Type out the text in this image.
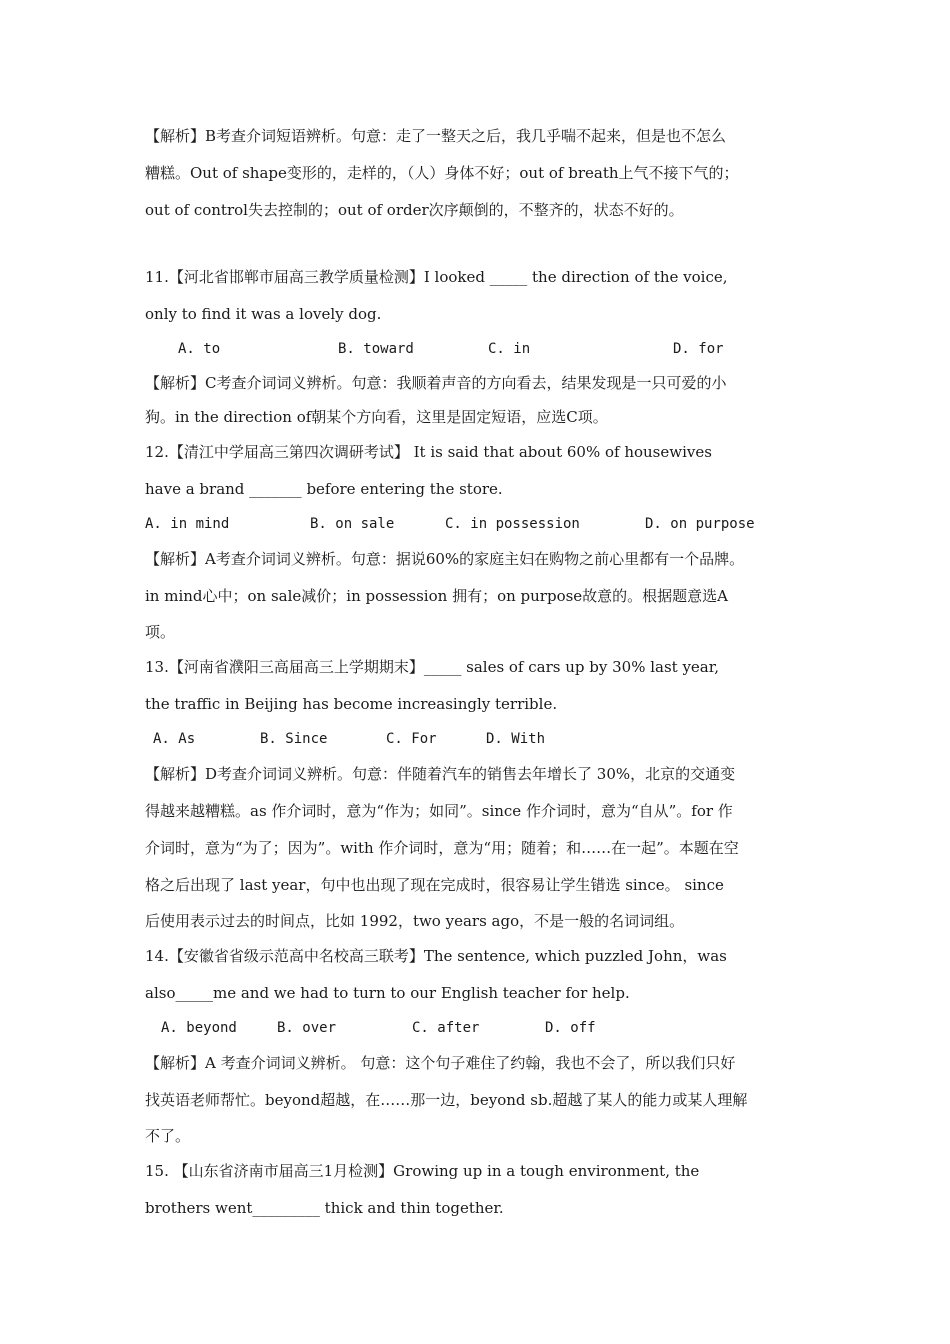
【解析】B考查介词短语辨析。句意：走了一整天之后，我几乎喘不起来，但是也不怎么
糟糕。Out of shape变形的，走样的，（人）身体不好；out of breath上气不接下气的；
out of control失去控制的；out of order次序颠倒的，不整齐的，状态不好的。
11.【河北省邯郸市届高三教学质量检测】I looked _____ the direction of the voice,
only to find it was a lovely dog.
A. to	B. toward	C. in	D. for
【解析】C考查介词词义辨析。句意：我顺着声音的方向看去，结果发现是一只可爱的小
狗。in the direction of朝某个方向看，这里是固定短语，应选C项。
12.【清江中学届高三第四次调研考试】 It is said that about 60% of housewives
have a brand _______ before entering the store.
A. in mind	B. on sale	C. in possession	D. on purpose
【解析】A考查介词词义辨析。句意：据说60%的家庭主妇在购物之前心里都有一个品牌。
in mind心中；on sale减价；in possession 拥有；on purpose故意的。根据题意选A
项。
13.【河南省濮阳三高届高三上学期期末】_____ sales of cars up by 30% last year,
the traffic in Beijing has become increasingly terrible.
A. As	B. Since	C. For	D. With
【解析】D考查介词词义辨析。句意：伴随着汽车的销售去年增长了 30%，北京的交通变
得越来越糟糕。as 作介词时，意为“作为；如同”。since 作介词时，意为“自从”。for 作
介词时，意为“为了；因为”。with 作介词时，意为“用；随着；和……在一起”。本题在空
格之后出现了 last year，句中也出现了现在完成时，很容易让学生错选 since。 since
后使用表示过去的时间点，比如 1992，two years ago，不是一般的名词词组。
14.【安徽省省级示范高中名校高三联考】The sentence, which puzzled John，was
also_____me and we had to turn to our English teacher for help.
A. beyond	B. over	C. after	D. off
【解析】A 考查介词词义辨析。 句意：这个句子难住了约翰，我也不会了，所以我们只好
找英语老师帮忙。beyond超越，在……那一边，beyond sb.超越了某人的能力或某人理解
不了。
15. 【山东省济南市届高三1月检测】Growing up in a tough environment, the
brothers went_________ thick and thin together.
